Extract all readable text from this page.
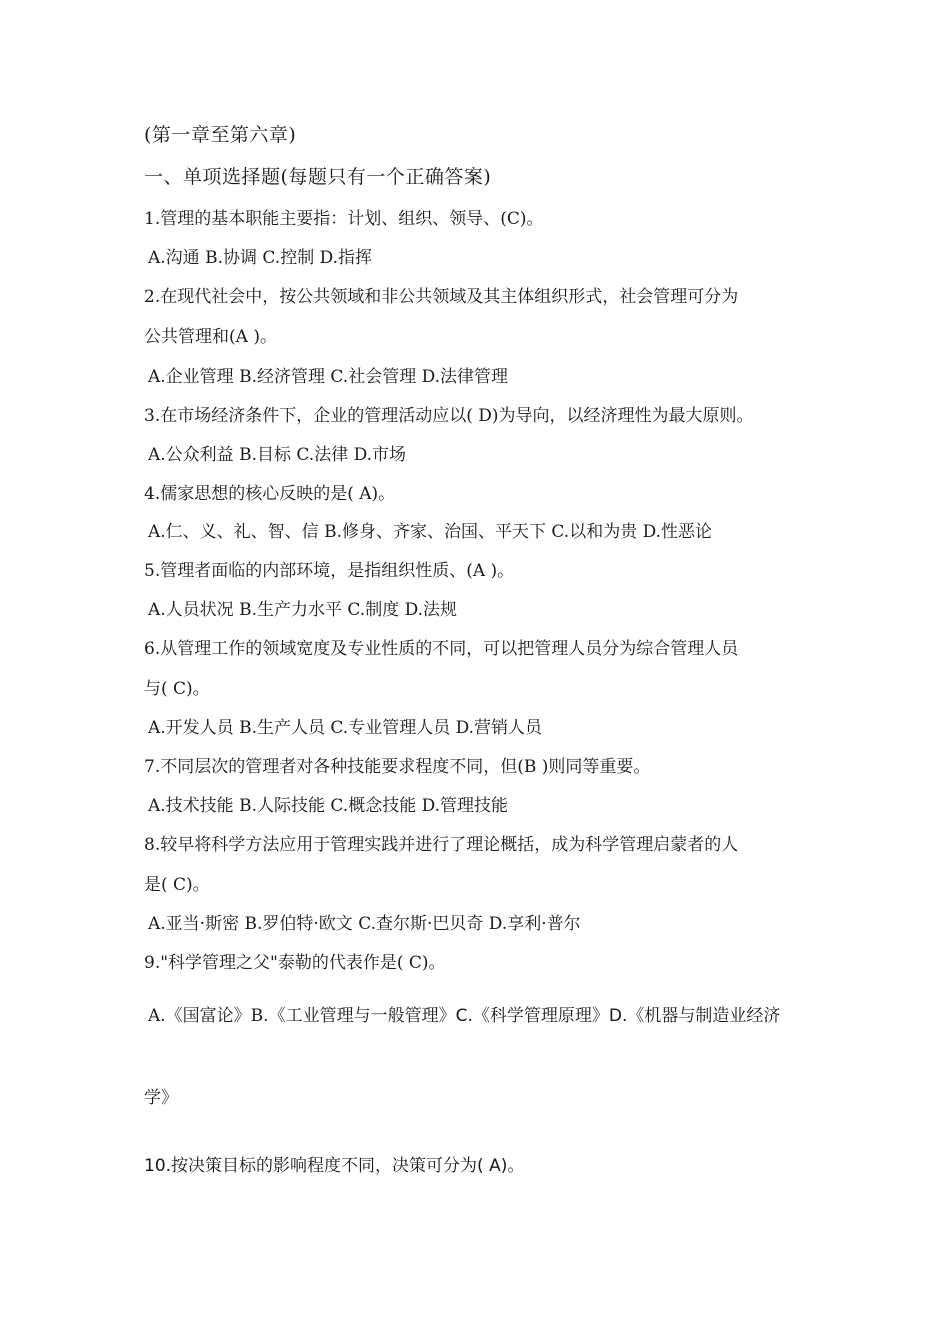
(第一章至第六章)
一、单项选择题(每题只有一个正确答案)
1.管理的基本职能主要指：计划、组织、领导、(C)。
A.沟通 B.协调 C.控制 D.指挥
2.在现代社会中，按公共领域和非公共领域及其主体组织形式，社会管理可分为
公共管理和(A )。
A.企业管理 B.经济管理 C.社会管理 D.法律管理
3.在市场经济条件下，企业的管理活动应以( D)为导向，以经济理性为最大原则。
A.公众利益 B.目标 C.法律 D.市场
4.儒家思想的核心反映的是( A)。
A.仁、义、礼、智、信 B.修身、齐家、治国、平天下 C.以和为贵 D.性恶论
5.管理者面临的内部环境，是指组织性质、(A )。
A.人员状况 B.生产力水平 C.制度 D.法规
6.从管理工作的领域宽度及专业性质的不同，可以把管理人员分为综合管理人员
与( C)。
A.开发人员 B.生产人员 C.专业管理人员 D.营销人员
7.不同层次的管理者对各种技能要求程度不同，但(B )则同等重要。
A.技术技能 B.人际技能 C.概念技能 D.管理技能
8.较早将科学方法应用于管理实践并进行了理论概括，成为科学管理启蒙者的人
是( C)。
A.亚当·斯密 B.罗伯特·欧文 C.查尔斯·巴贝奇 D.享利·普尔
9."科学管理之父"泰勒的代表作是( C)。
A.《国富论》B.《工业管理与一般管理》C.《科学管理原理》D.《机器与制造业经济
学》
10.按决策目标的影响程度不同，决策可分为( A)。
